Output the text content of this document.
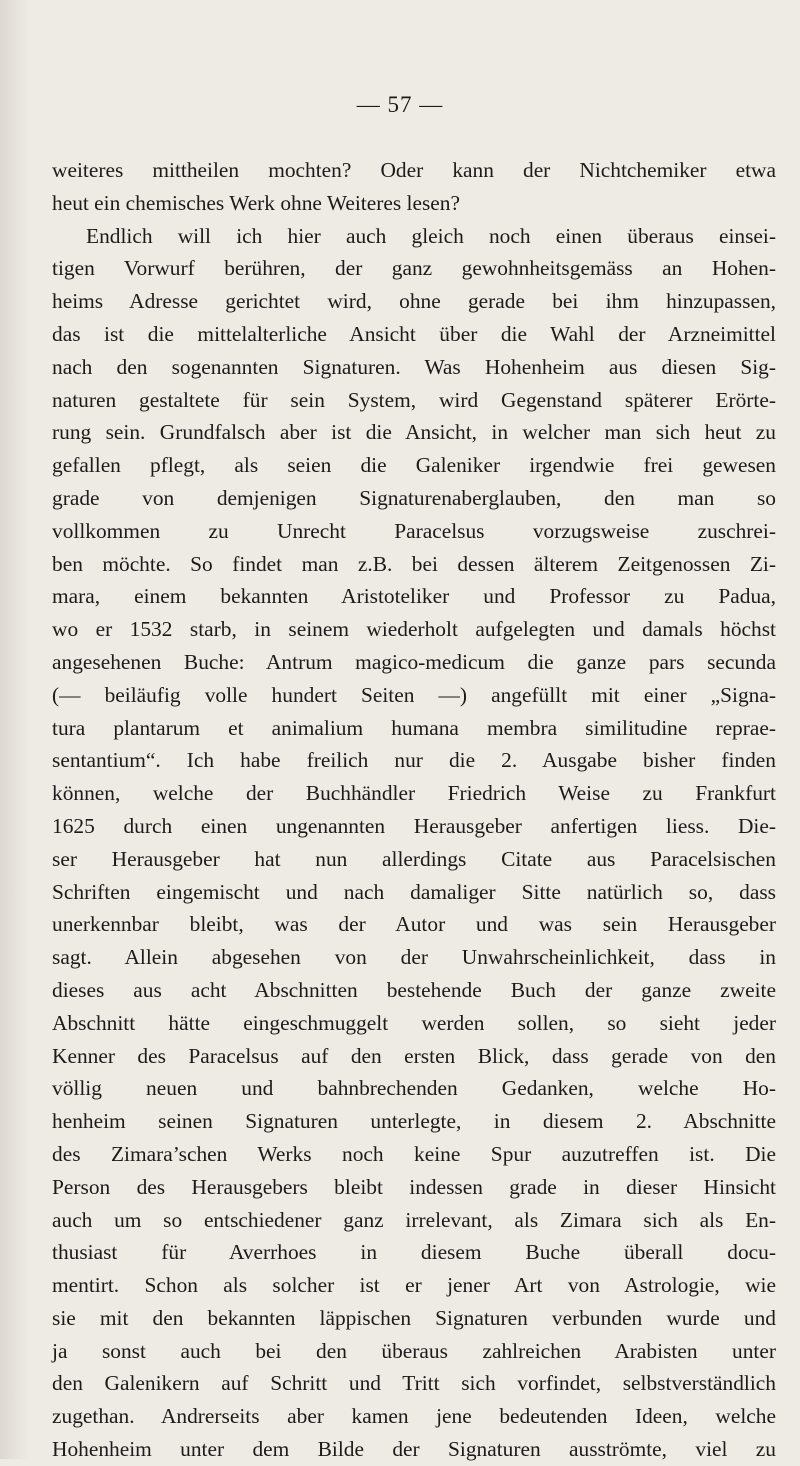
— 57 —
weiteres mittheilen mochten? Oder kann der Nichtchemiker etwa
heut ein chemisches Werk ohne Weiteres lesen?
Endlich will ich hier auch gleich noch einen überaus einsei-
tigen Vorwurf berühren, der ganz gewohnheitsgemäss an Hohen-
heims Adresse gerichtet wird, ohne gerade bei ihm hinzupassen,
das ist die mittelalterliche Ansicht über die Wahl der Arzneimittel
nach den sogenannten Signaturen. Was Hohenheim aus diesen Sig-
naturen gestaltete für sein System, wird Gegenstand späterer Erörte-
rung sein. Grundfalsch aber ist die Ansicht, in welcher man sich heut zu
gefallen pflegt, als seien die Galeniker irgendwie frei gewesen
grade von demjenigen Signaturenaberglauben, den man so
vollkommen zu Unrecht Paracelsus vorzugsweise zuschrei-
ben möchte. So findet man z.B. bei dessen älterem Zeitgenossen Zi-
mara, einem bekannten Aristoteliker und Professor zu Padua,
wo er 1532 starb, in seinem wiederholt aufgelegten und damals höchst
angesehenen Buche: Antrum magico-medicum die ganze pars secunda
(— beiläufig volle hundert Seiten —) angefüllt mit einer „Signa-
tura plantarum et animalium humana membra similitudine reprae-
sentantium“. Ich habe freilich nur die 2. Ausgabe bisher finden
können, welche der Buchhändler Friedrich Weise zu Frankfurt
1625 durch einen ungenannten Herausgeber anfertigen liess. Die-
ser Herausgeber hat nun allerdings Citate aus Paracelsischen
Schriften eingemischt und nach damaliger Sitte natürlich so, dass
unerkennbar bleibt, was der Autor und was sein Herausgeber
sagt. Allein abgesehen von der Unwahrscheinlichkeit, dass in
dieses aus acht Abschnitten bestehende Buch der ganze zweite
Abschnitt hätte eingeschmuggelt werden sollen, so sieht jeder
Kenner des Paracelsus auf den ersten Blick, dass gerade von den
völlig neuen und bahnbrechenden Gedanken, welche Ho-
henheim seinen Signaturen unterlegte, in diesem 2. Abschnitte
des Zimara’schen Werks noch keine Spur auzutreffen ist. Die
Person des Herausgebers bleibt indessen grade in dieser Hinsicht
auch um so entschiedener ganz irrelevant, als Zimara sich als En-
thusiast für Averrhoes in diesem Buche überall docu-
mentirt. Schon als solcher ist er jener Art von Astrologie, wie
sie mit den bekannten läppischen Signaturen verbunden wurde und
ja sonst auch bei den überaus zahlreichen Arabisten unter
den Galenikern auf Schritt und Tritt sich vorfindet, selbstverständlich
zugethan. Andrerseits aber kamen jene bedeutenden Ideen, welche
Hohenheim unter dem Bilde der Signaturen ausströmte, viel zu
